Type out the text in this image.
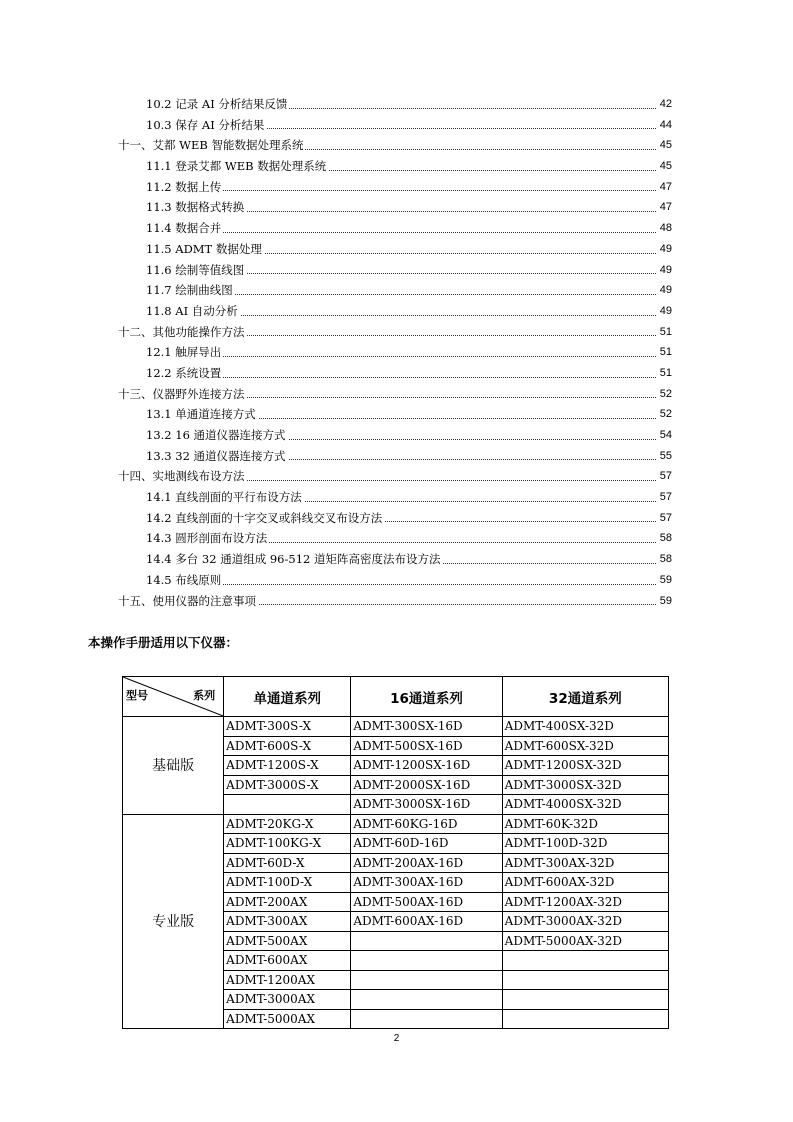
10.2 记录 AI 分析结果反馈	42
10.3 保存 AI 分析结果	44
十一、艾都 WEB 智能数据处理系统	45
11.1 登录艾都 WEB 数据处理系统	45
11.2 数据上传	47
11.3 数据格式转换	47
11.4 数据合并	48
11.5 ADMT 数据处理	49
11.6 绘制等值线图	49
11.7 绘制曲线图	49
11.8 AI 自动分析	49
十二、其他功能操作方法	51
12.1 触屏导出	51
12.2 系统设置	51
十三、仪器野外连接方法	52
13.1 单通道连接方式	52
13.2 16 通道仪器连接方式	54
13.3 32 通道仪器连接方式	55
十四、实地测线布设方法	57
14.1 直线剖面的平行布设方法	57
14.2 直线剖面的十字交叉或斜线交叉布设方法	57
14.3 圆形剖面布设方法	58
14.4 多台 32 通道组成 96-512 道矩阵高密度法布设方法	58
14.5 布线原则	59
十五、使用仪器的注意事项	59
本操作手册适用以下仪器：
型号 系列	单通道系列	16通道系列	32通道系列
基础版	ADMT-300S-X	ADMT-300SX-16D	ADMT-400SX-32D
	ADMT-600S-X	ADMT-500SX-16D	ADMT-600SX-32D
	ADMT-1200S-X	ADMT-1200SX-16D	ADMT-1200SX-32D
	ADMT-3000S-X	ADMT-2000SX-16D	ADMT-3000SX-32D
		ADMT-3000SX-16D	ADMT-4000SX-32D
专业版	ADMT-20KG-X	ADMT-60KG-16D	ADMT-60K-32D
	ADMT-100KG-X	ADMT-60D-16D	ADMT-100D-32D
	ADMT-60D-X	ADMT-200AX-16D	ADMT-300AX-32D
	ADMT-100D-X	ADMT-300AX-16D	ADMT-600AX-32D
	ADMT-200AX	ADMT-500AX-16D	ADMT-1200AX-32D
	ADMT-300AX	ADMT-600AX-16D	ADMT-3000AX-32D
	ADMT-500AX		ADMT-5000AX-32D
	ADMT-600AX		
	ADMT-1200AX		
	ADMT-3000AX		
	ADMT-5000AX		
2
